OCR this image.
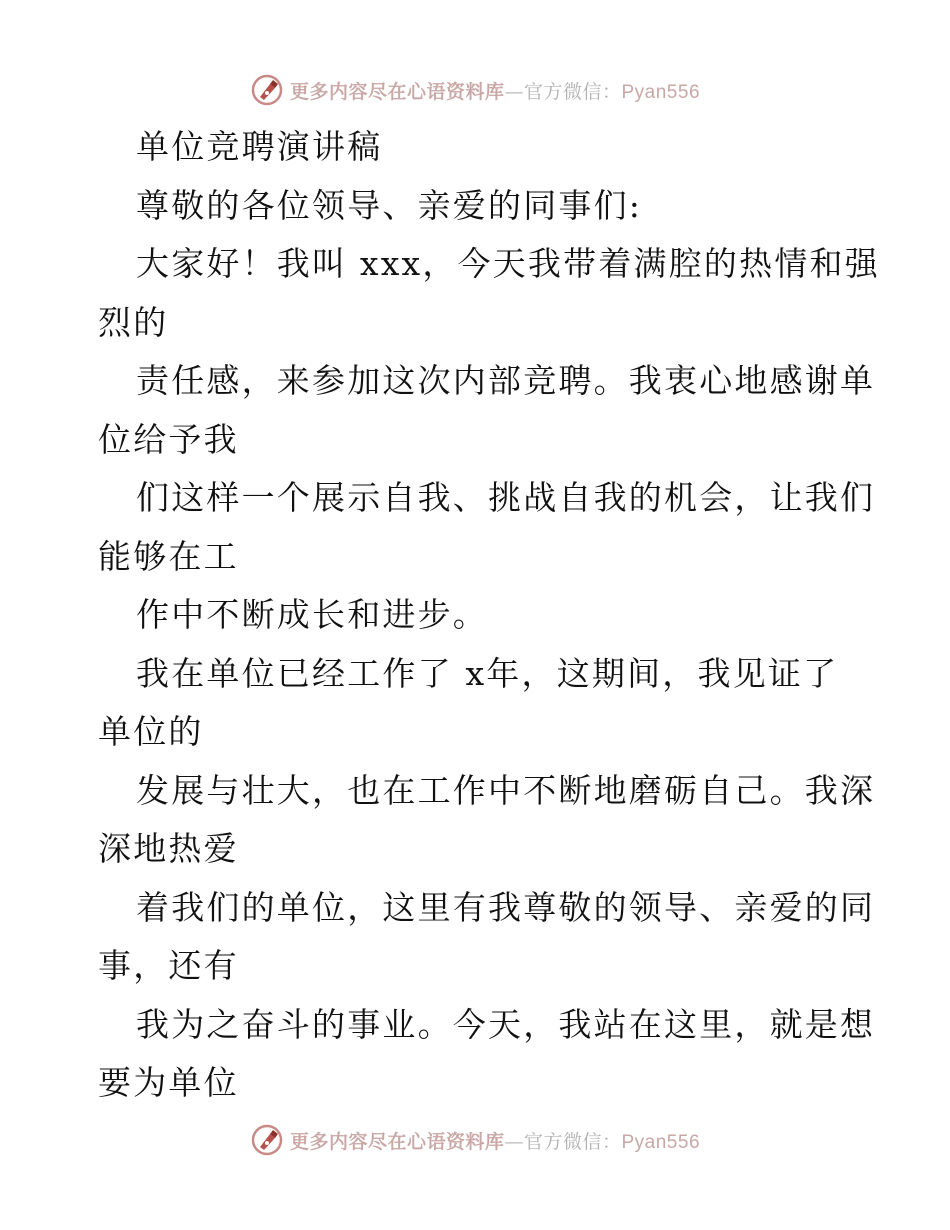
更多内容尽在心语资料库—官方微信：Pyan556
单位竞聘演讲稿
尊敬的各位领导、亲爱的同事们:
大家好！我叫 xxx，今天我带着满腔的热情和强
烈的
责任感，来参加这次内部竞聘。我衷心地感谢单
位给予我
们这样一个展示自我、挑战自我的机会，让我们
能够在工
作中不断成长和进步。
我在单位已经工作了 x年，这期间，我见证了
单位的
发展与壮大，也在工作中不断地磨砺自己。我深
深地热爱
着我们的单位，这里有我尊敬的领导、亲爱的同
事，还有
我为之奋斗的事业。今天，我站在这里，就是想
要为单位
更多内容尽在心语资料库—官方微信：Pyan556
